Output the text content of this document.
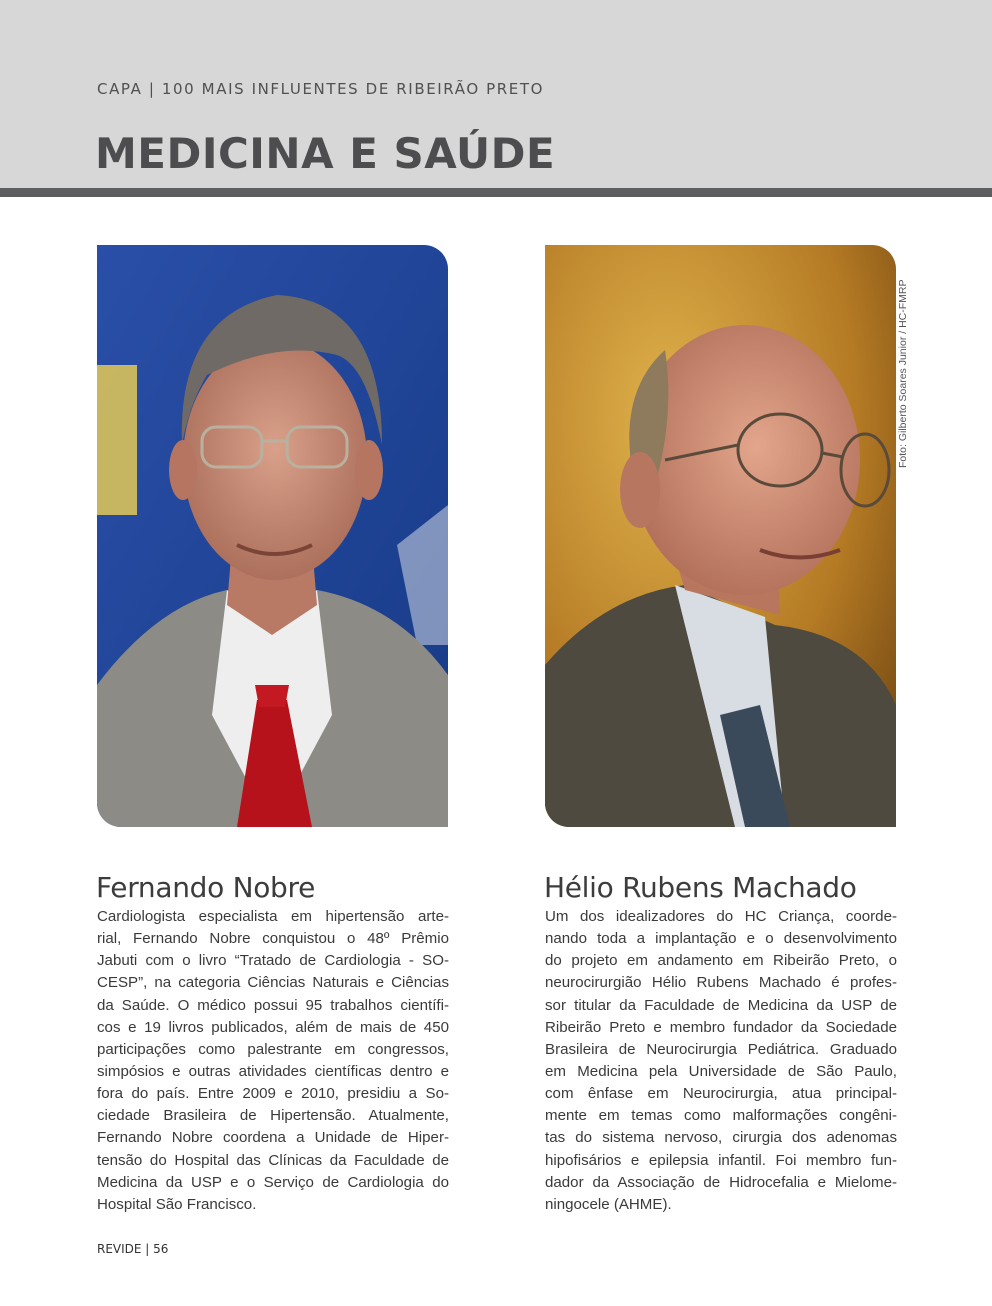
CAPA | 100 MAIS INFLUENTES DE RIBEIRÃO PRETO
MEDICINA E SAÚDE
Foto: Gilberto Soares Junior / HC-FMRP
Fernando Nobre
Cardiologista especialista em hipertensão arte-
rial, Fernando Nobre conquistou o 48º Prêmio
Jabuti com o livro “Tratado de Cardiologia - SO-
CESP”, na categoria Ciências Naturais e Ciências
da Saúde. O médico possui 95 trabalhos científi-
cos e 19 livros publicados, além de mais de 450
participações como palestrante em congressos,
simpósios e outras atividades científicas dentro e
fora do país. Entre 2009 e 2010, presidiu a So-
ciedade Brasileira de Hipertensão. Atualmente,
Fernando Nobre coordena a Unidade de Hiper-
tensão do Hospital das Clínicas da Faculdade de
Medicina da USP e o Serviço de Cardiologia do
Hospital São Francisco.
Hélio Rubens Machado
Um dos idealizadores do HC Criança, coorde-
nando toda a implantação e o desenvolvimento
do projeto em andamento em Ribeirão Preto, o
neurocirurgião Hélio Rubens Machado é profes-
sor titular da Faculdade de Medicina da USP de
Ribeirão Preto e membro fundador da Sociedade
Brasileira de Neurocirurgia Pediátrica. Graduado
em Medicina pela Universidade de São Paulo,
com ênfase em Neurocirurgia, atua principal-
mente em temas como malformações congêni-
tas do sistema nervoso, cirurgia dos adenomas
hipofisários e epilepsia infantil. Foi membro fun-
dador da Associação de Hidrocefalia e Mielome-
ningocele (AHME).
REVIDE | 56
